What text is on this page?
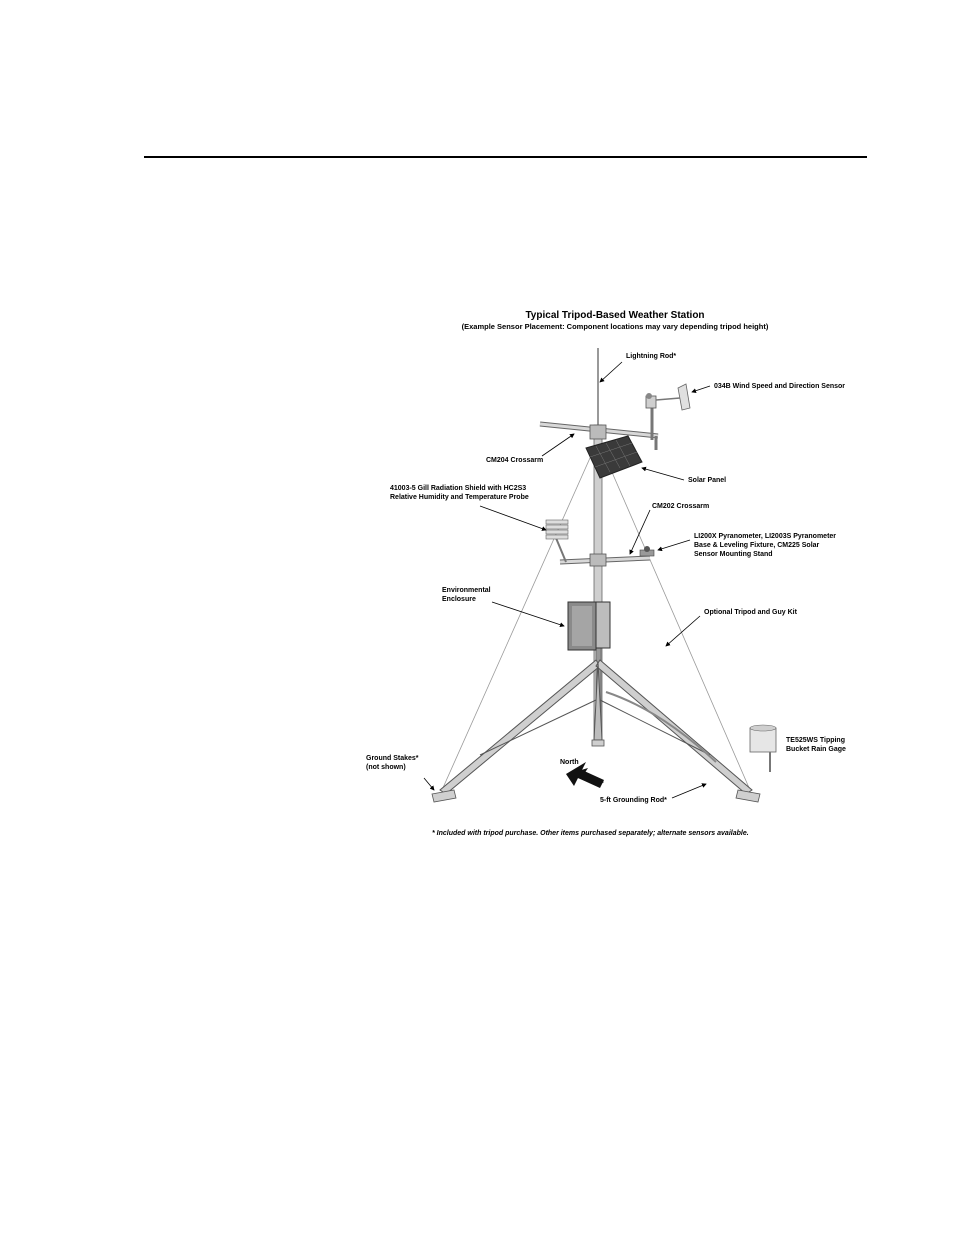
Typical Tripod-Based Weather Station
(Example Sensor Placement: Component locations may vary depending tripod height)
Lightning Rod*
034B Wind Speed and Direction Sensor
CM204 Crossarm
Solar Panel
41003-5 Gill Radiation Shield with HC2S3
Relative Humidity and Temperature Probe
CM202 Crossarm
LI200X Pyranometer, LI2003S Pyranometer
Base & Leveling Fixture, CM225 Solar
Sensor Mounting Stand
Environmental
Enclosure
Optional Tripod and Guy Kit
TE525WS Tipping
Bucket Rain Gage
Ground Stakes*
(not shown)
North
5-ft Grounding Rod*
* Included with tripod purchase. Other items purchased separately; alternate sensors available.
